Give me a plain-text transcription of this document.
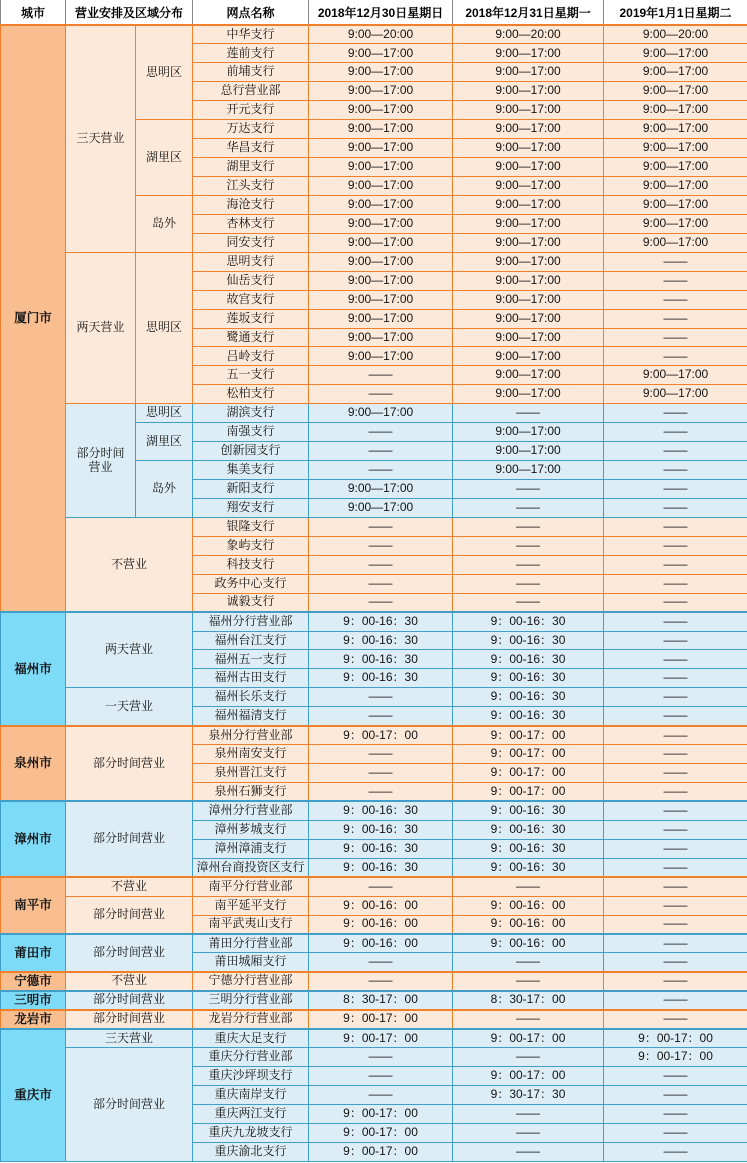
城市	营业安排及区域分布		网点名称	2018年12月30日星期日	2018年12月31日星期一	2019年1月1日星期二
厦门市	三天营业	思明区	中华支行	9:00—20:00	9:00—20:00	9:00—20:00
			莲前支行	9:00—17:00	9:00—17:00	9:00—17:00
			前埔支行	9:00—17:00	9:00—17:00	9:00—17:00
			总行营业部	9:00—17:00	9:00—17:00	9:00—17:00
			开元支行	9:00—17:00	9:00—17:00	9:00—17:00
		湖里区	万达支行	9:00—17:00	9:00—17:00	9:00—17:00
			华昌支行	9:00—17:00	9:00—17:00	9:00—17:00
			湖里支行	9:00—17:00	9:00—17:00	9:00—17:00
			江头支行	9:00—17:00	9:00—17:00	9:00—17:00
		岛外	海沧支行	9:00—17:00	9:00—17:00	9:00—17:00
			杏林支行	9:00—17:00	9:00—17:00	9:00—17:00
			同安支行	9:00—17:00	9:00—17:00	9:00—17:00
	两天营业	思明区	思明支行	9:00—17:00	9:00—17:00	——
			仙岳支行	9:00—17:00	9:00—17:00	——
			故宫支行	9:00—17:00	9:00—17:00	——
			莲坂支行	9:00—17:00	9:00—17:00	——
			鹭通支行	9:00—17:00	9:00—17:00	——
			吕岭支行	9:00—17:00	9:00—17:00	——
			五一支行	——	9:00—17:00	9:00—17:00
			松柏支行	——	9:00—17:00	9:00—17:00
	部分时间营业	思明区	湖滨支行	9:00—17:00	——	——
		湖里区	南强支行	——	9:00—17:00	——
			创新园支行	——	9:00—17:00	——
		岛外	集美支行	——	9:00—17:00	——
			新阳支行	9:00—17:00	——	——
			翔安支行	9:00—17:00	——	——
	不营业		银隆支行	——	——	——
			象屿支行	——	——	——
			科技支行	——	——	——
			政务中心支行	——	——	——
			诚毅支行	——	——	——
福州市	两天营业		福州分行营业部	9：00-16：30	9：00-16：30	——
			福州台江支行	9：00-16：30	9：00-16：30	——
			福州五一支行	9：00-16：30	9：00-16：30	——
			福州古田支行	9：00-16：30	9：00-16：30	——
	一天营业		福州长乐支行	——	9：00-16：30	——
			福州福清支行	——	9：00-16：30	——
泉州市	部分时间营业		泉州分行营业部	9：00-17：00	9：00-17：00	——
			泉州南安支行	——	9：00-17：00	——
			泉州晋江支行	——	9：00-17：00	——
			泉州石狮支行	——	9：00-17：00	——
漳州市	部分时间营业		漳州分行营业部	9：00-16：30	9：00-16：30	——
			漳州芗城支行	9：00-16：30	9：00-16：30	——
			漳州漳浦支行	9：00-16：30	9：00-16：30	——
			漳州台商投资区支行	9：00-16：30	9：00-16：30	——
南平市	不营业		南平分行营业部	——	——	——
	部分时间营业		南平延平支行	9：00-16：00	9：00-16：00	——
			南平武夷山支行	9：00-16：00	9：00-16：00	——
莆田市	部分时间营业		莆田分行营业部	9：00-16：00	9：00-16：00	——
			莆田城厢支行	——	——	——
宁德市	不营业		宁德分行营业部	——	——	——
三明市	部分时间营业		三明分行营业部	8：30-17：00	8：30-17：00	——
龙岩市	部分时间营业		龙岩分行营业部	9：00-17：00	——	——
重庆市	三天营业		重庆大足支行	9：00-17：00	9：00-17：00	9：00-17：00
	部分时间营业		重庆分行营业部	——	——	9：00-17：00
			重庆沙坪坝支行	——	9：00-17：00	——
			重庆南岸支行	——	9：30-17：30	——
			重庆两江支行	9：00-17：00	——	——
			重庆九龙坡支行	9：00-17：00	——	——
			重庆渝北支行	9：00-17：00	——	——
